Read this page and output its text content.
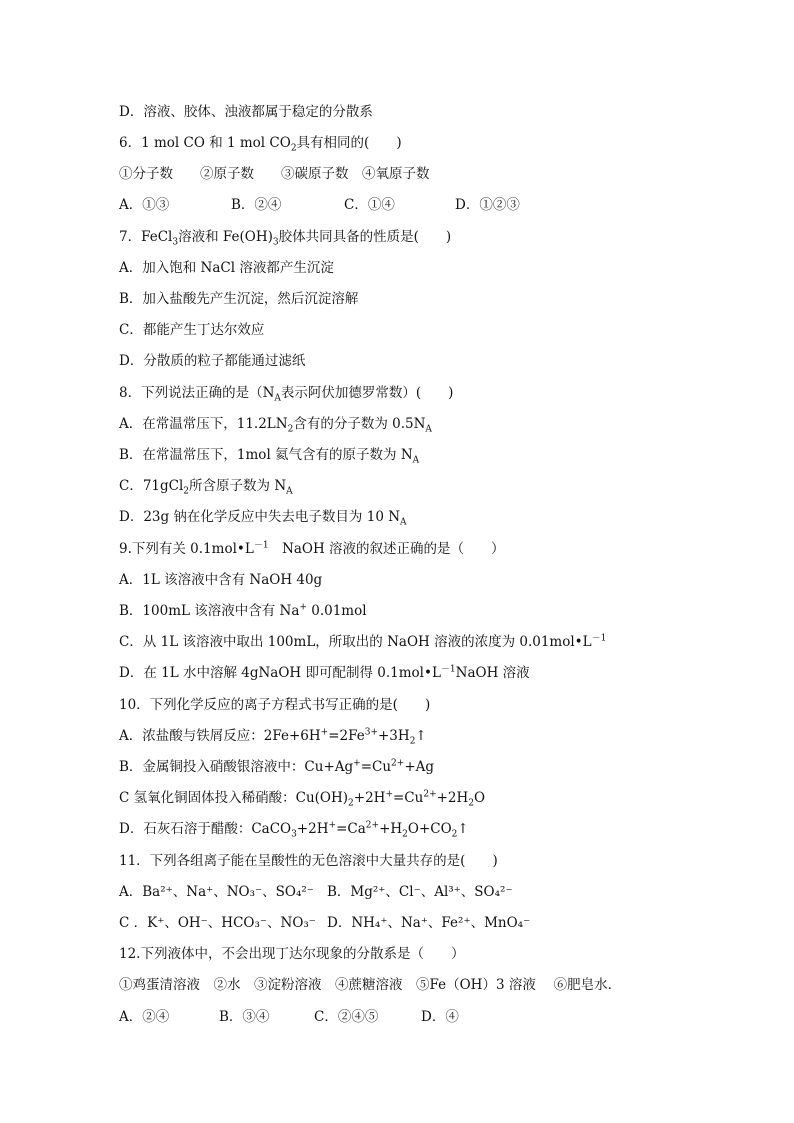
D．溶液、胶体、浊液都属于稳定的分散系
6．1 mol CO 和 1 mol $CO_2$具有相同的(　　)
①分子数　　②原子数　　③碳原子数　④氧原子数
A．①③	B．②④	C．①④	D．①②③
7．FeCl$_3$溶液和 $Fe(OH)_3$胶体共同具备的性质是(　　)
A．加入饱和 NaCl 溶液都产生沉淀
B．加入盐酸先产生沉淀，然后沉淀溶解
C．都能产生丁达尔效应
D．分散质的粒子都能通过滤纸
8．下列说法正确的是（$N_A$表示阿伏加德罗常数）(　　)
A．在常温常压下，$11.2LN_2$含有的分子数为 $0.5N_A$
B．在常温常压下，1mol 氦气含有的原子数为 $N_A$
C．71gCl$_2$所含原子数为 $N_A$
D．23g 钠在化学反应中失去电子数目为 10 $N_A$
9.下列有关 $0.1mol•L^{-1}$  NaOH 溶液的叙述正确的是（　　）
A．1L 该溶液中含有 NaOH 40g
B．100mL 该溶液中含有 Na+ 0.01mol
C．从 1L 该溶液中取出 100mL，所取出的 NaOH 溶液的浓度为 $0.01mol•L^{-1}$
D．在 1L 水中溶解 4gNaOH 即可配制得 $0.1mol•L^{-1}NaOH$ 溶液
10．下列化学反应的离子方程式书写正确的是(　　)
A．浓盐酸与铁屑反应：$2Fe+6H^+=2Fe^{3+}+3H_2↑$
B．金属铜投入硝酸银溶液中：$Cu+Ag^+=Cu^{2+}+Ag$
C 氢氧化铜固体投入稀硝酸：$Cu(OH)_2+2H^+=Cu^{2+}+2H_2O$
D．石灰石溶于醋酸：$CaCO_3+2H^+=Ca^{2+}+H_2O+CO_2↑$
11．下列各组离子能在呈酸性的无色溶滚中大量共存的是(　　)
A．Ba²⁺、Na⁺、NO₃⁻、SO₄²⁻ B．Mg²⁺、Cl⁻、Al³⁺、SO₄²⁻
C ．K⁺、OH⁻、HCO₃⁻、NO₃⁻ D．NH₄⁺、Na⁺、Fe²⁺、MnO₄⁻
12.下列液体中，不会出现丁达尔现象的分散系是（　　）
①鸡蛋清溶液　②水　③淀粉溶液　④蔗糖溶液　⑤Fe（OH）3 溶液　 ⑥肥皂水．
A．②④	B．③④	C．②④⑤	D．④
